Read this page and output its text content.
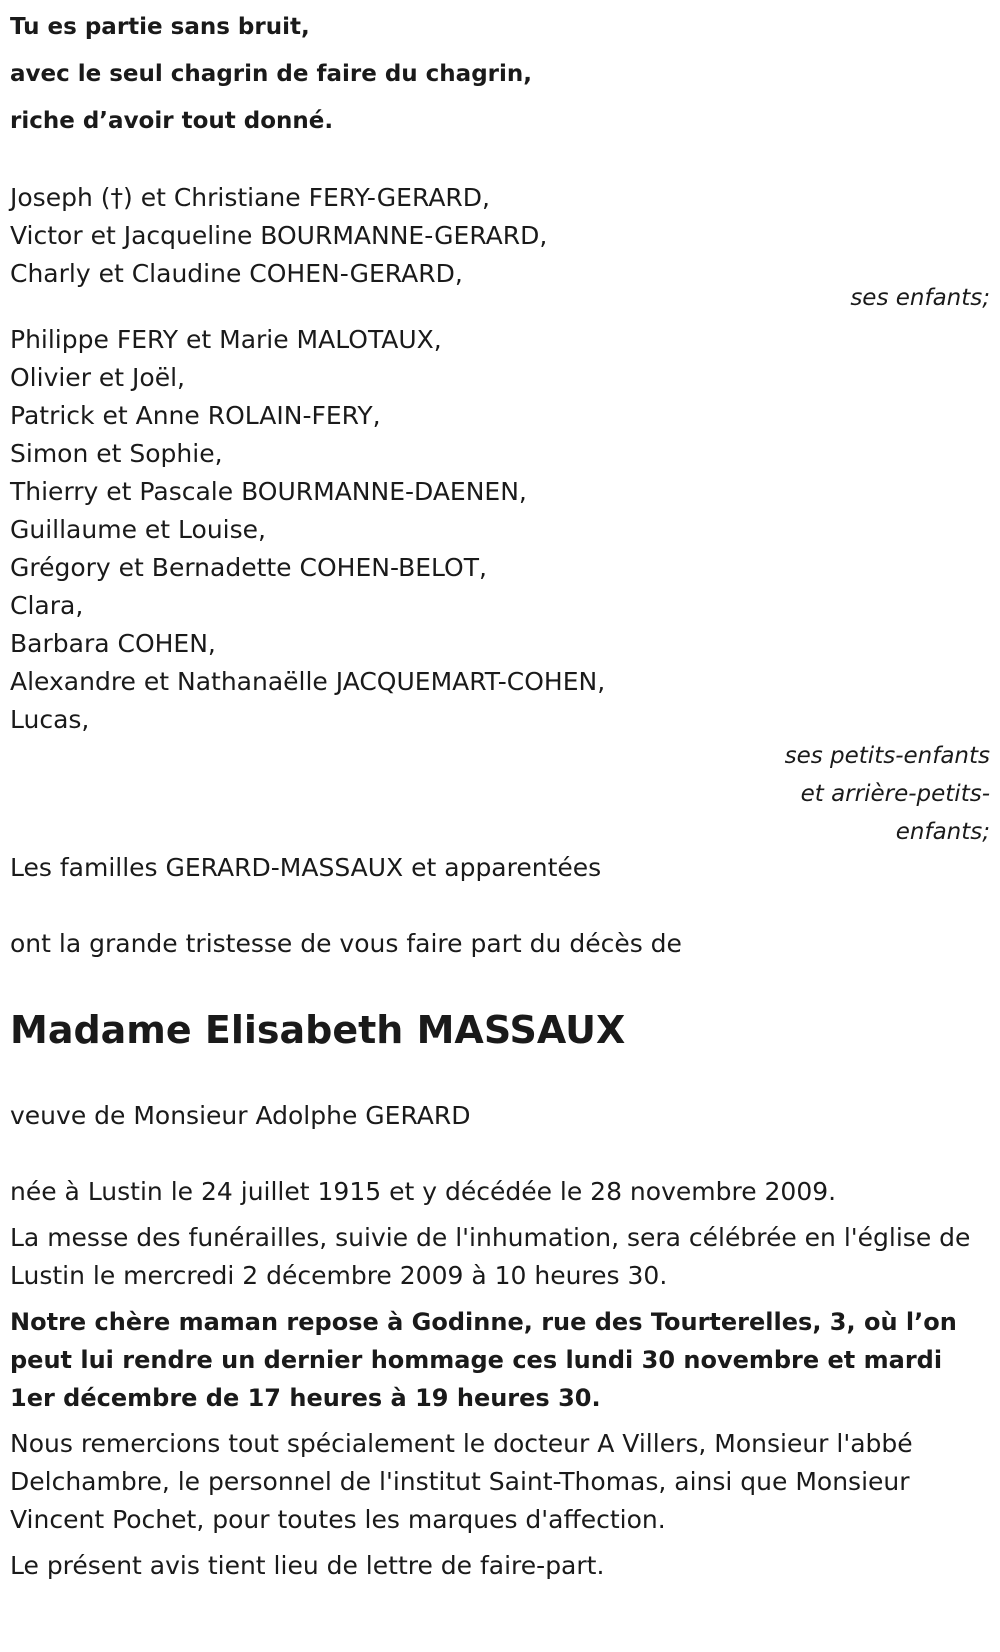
Tu es partie sans bruit,
avec le seul chagrin de faire du chagrin,
riche d’avoir tout donné.
Joseph (†) et Christiane FERY-GERARD,
Victor et Jacqueline BOURMANNE-GERARD,
Charly et Claudine COHEN-GERARD,
ses enfants;
Philippe FERY et Marie MALOTAUX,
Olivier et Joël,
Patrick et Anne ROLAIN-FERY,
Simon et Sophie,
Thierry et Pascale BOURMANNE-DAENEN,
Guillaume et Louise,
Grégory et Bernadette COHEN-BELOT,
Clara,
Barbara COHEN,
Alexandre et Nathanaëlle JACQUEMART-COHEN,
Lucas,
ses petits-enfants
et arrière-petits-
enfants;
Les familles GERARD-MASSAUX et apparentées
ont la grande tristesse de vous faire part du décès de
Madame Elisabeth MASSAUX
veuve de Monsieur Adolphe GERARD
née à Lustin le 24 juillet 1915 et y décédée le 28 novembre 2009.
La messe des funérailles, suivie de l'inhumation, sera célébrée en l'église de Lustin le mercredi 2 décembre 2009 à 10 heures 30.
Notre chère maman repose à Godinne, rue des Tourterelles, 3, où l’on peut lui rendre un dernier hommage ces lundi 30 novembre et mardi 1er décembre de 17 heures à 19 heures 30.
Nous remercions tout spécialement le docteur A Villers, Monsieur l'abbé Delchambre, le personnel de l'institut Saint-Thomas, ainsi que Monsieur Vincent Pochet, pour toutes les marques d'affection.
Le présent avis tient lieu de lettre de faire-part.
